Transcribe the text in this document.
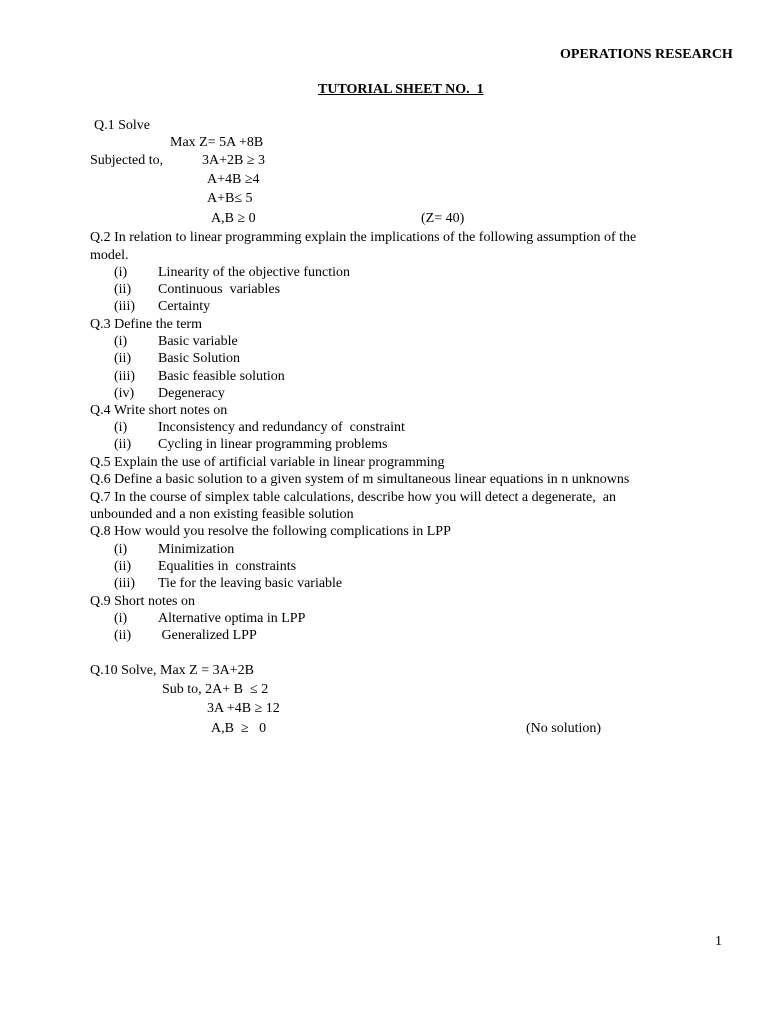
OPERATIONS RESEARCH
TUTORIAL SHEET NO.  1
Q.1 Solve
Max Z= 5A +8B
Subjected to,	3A+2B ≥ 3
A+4B ≥4
A+B≤ 5
A,B ≥ 0	(Z= 40)
Q.2 In relation to linear programming explain the implications of the following assumption of the
model.
(i) Linearity of the objective function
(ii) Continuous  variables
(iii) Certainty
Q.3 Define the term
(i) Basic variable
(ii) Basic Solution
(iii) Basic feasible solution
(iv) Degeneracy
Q.4 Write short notes on
(i) Inconsistency and redundancy of  constraint
(ii) Cycling in linear programming problems
Q.5 Explain the use of artificial variable in linear programming
Q.6 Define a basic solution to a given system of m simultaneous linear equations in n unknowns
Q.7 In the course of simplex table calculations, describe how you will detect a degenerate,  an
unbounded and a non existing feasible solution
Q.8 How would you resolve the following complications in LPP
(i) Minimization
(ii) Equalities in  constraints
(iii) Tie for the leaving basic variable
Q.9 Short notes on
(i) Alternative optima in LPP
(ii) Generalized LPP
Q.10 Solve, Max Z = 3A+2B
Sub to, 2A+ B  ≤ 2
3A +4B ≥ 12
A,B  ≥   0	(No solution)
1
